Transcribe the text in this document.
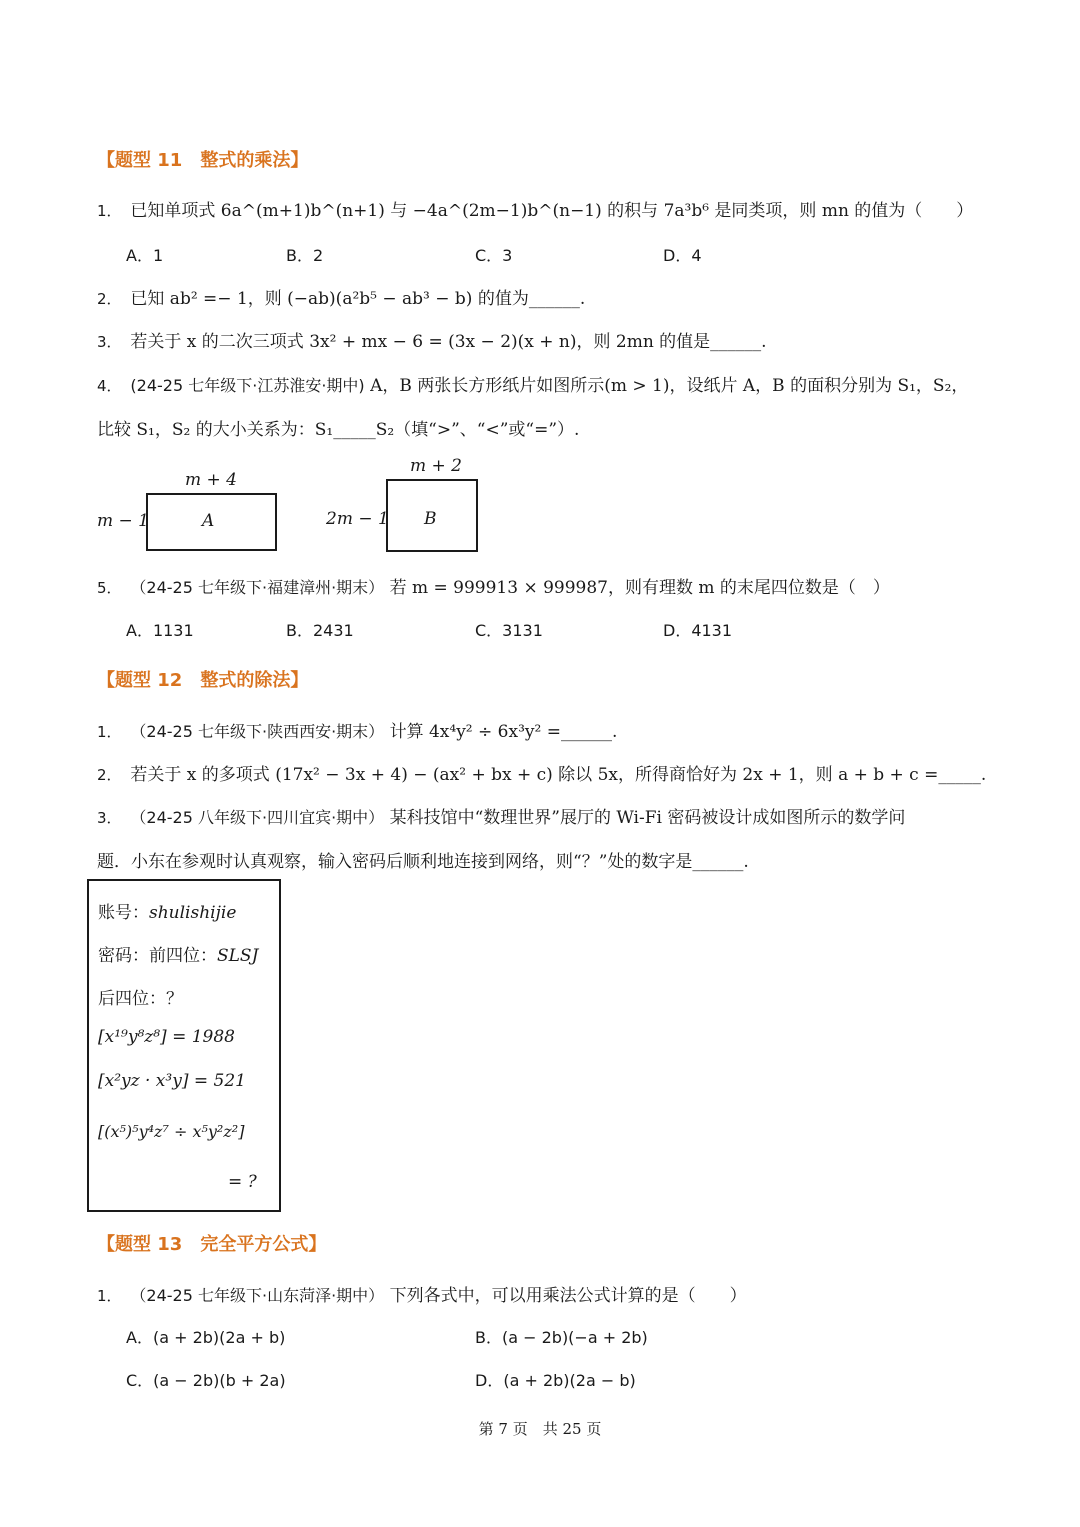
【题型 11　整式的乘法】
1． 已知单项式 6a^(m+1)b^(n+1) 与 −4a^(2m−1)b^(n−1) 的积与 7a³b⁶ 是同类项，则 mn 的值为（　　）
A．1	B．2	C．3	D．4
2． 已知 ab² =− 1，则 (−ab)(a²b⁵ − ab³ − b) 的值为______.
3． 若关于 x 的二次三项式 3x² + mx − 6 = (3x − 2)(x + n)，则 2mn 的值是______.
4． (24-25 七年级下·江苏淮安·期中) A，B 两张长方形纸片如图所示(m > 1)，设纸片 A，B 的面积分别为 S₁，S₂，
比较 S₁，S₂ 的大小关系为：S₁_____S₂（填“>”、“<”或“=”）.
m + 4
m − 1	A
m + 2
2m − 1 B
5． （24-25 七年级下·福建漳州·期末） 若 m = 999913 × 999987，则有理数 m 的末尾四位数是（　）
A．1131	B．2431	C．3131	D．4131
【题型 12　整式的除法】
1． （24-25 七年级下·陕西西安·期末） 计算 4x⁴y² ÷ 6x³y² =______.
2． 若关于 x 的多项式 (17x² − 3x + 4) − (ax² + bx + c) 除以 5x，所得商恰好为 2x + 1，则 a + b + c =_____.
3． （24-25 八年级下·四川宜宾·期中） 某科技馆中“数理世界”展厅的 Wi-Fi 密码被设计成如图所示的数学问
题．小东在参观时认真观察，输入密码后顺利地连接到网络，则“？”处的数字是______.
账号：shulishijie
密码：前四位：SLSJ
后四位：？
[x¹⁹y⁸z⁸] = 1988
[x²yz · x³y] = 521
[(x⁵)⁵y⁴z⁷ ÷ x⁵y²z²]
= ?
【题型 13　完全平方公式】
1． （24-25 七年级下·山东菏泽·期中） 下列各式中，可以用乘法公式计算的是（　　）
A．(a + 2b)(2a + b)	B．(a − 2b)(−a + 2b)
C．(a − 2b)(b + 2a)	D．(a + 2b)(2a − b)
第 7 页　共 25 页
